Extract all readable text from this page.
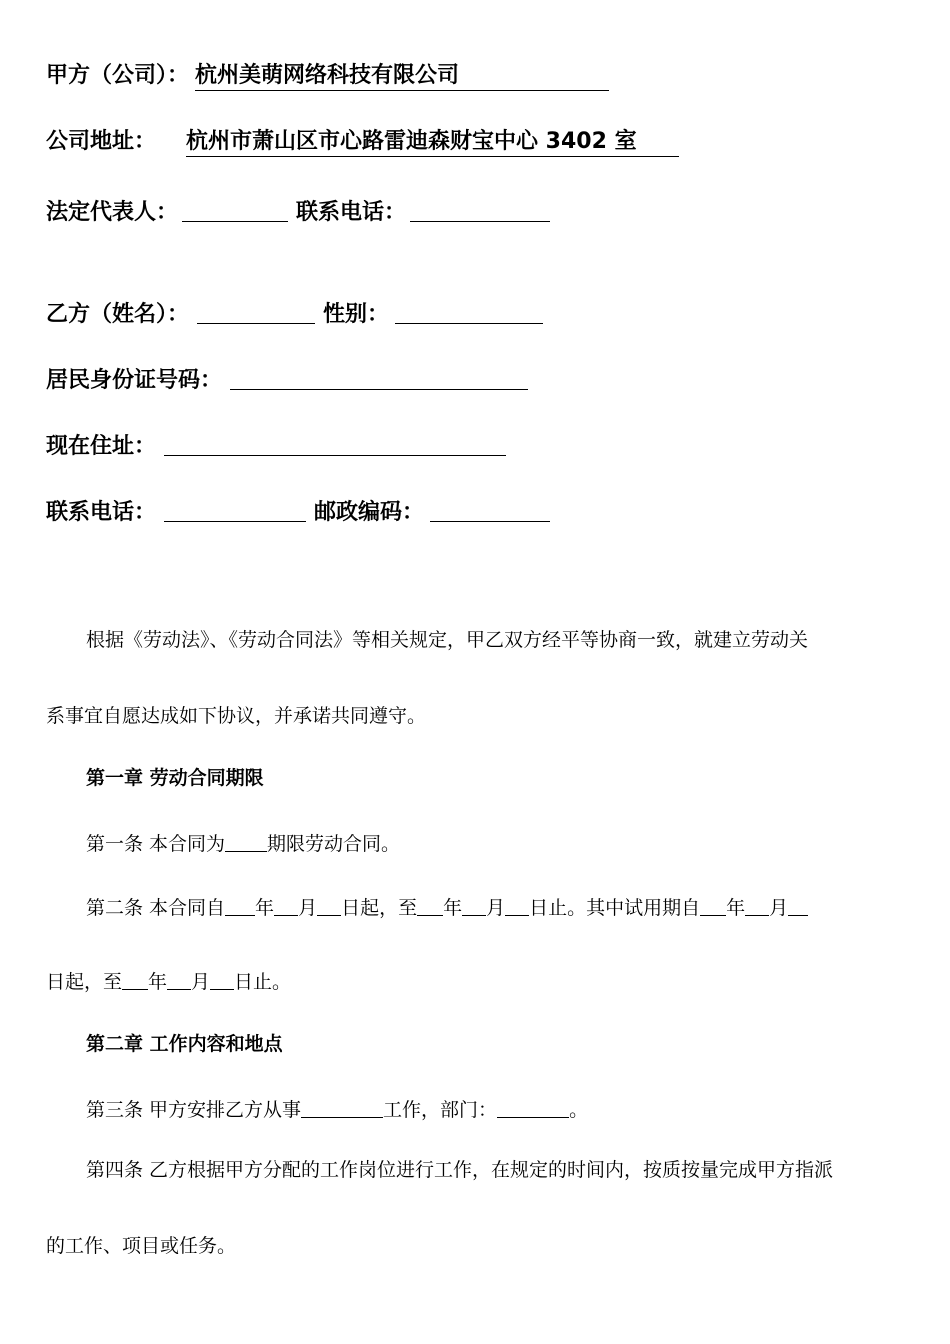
甲方（公司）： 杭州美萌网络科技有限公司
公司地址： 杭州市萧山区市心路雷迪森财宝中心 3402 室
法定代表人：	联系电话：
乙方（姓名）：	性别：
居民身份证号码：
现在住址：
联系电话：	邮政编码：
根据《劳动法》、《劳动合同法》等相关规定，甲乙双方经平等协商一致，就建立劳动关
系事宜自愿达成如下协议，并承诺共同遵守。
第一章 劳动合同期限
第一条 本合同为 期限劳动合同。
第二条 本合同自 年 月 日起，至 年 月 日止。其中试用期自 年 月
日起，至 年 月 日止。
第二章 工作内容和地点
第三条 甲方安排乙方从事	工作，部门：	。
第四条 乙方根据甲方分配的工作岗位进行工作，在规定的时间内，按质按量完成甲方指派
的工作、项目或任务。
